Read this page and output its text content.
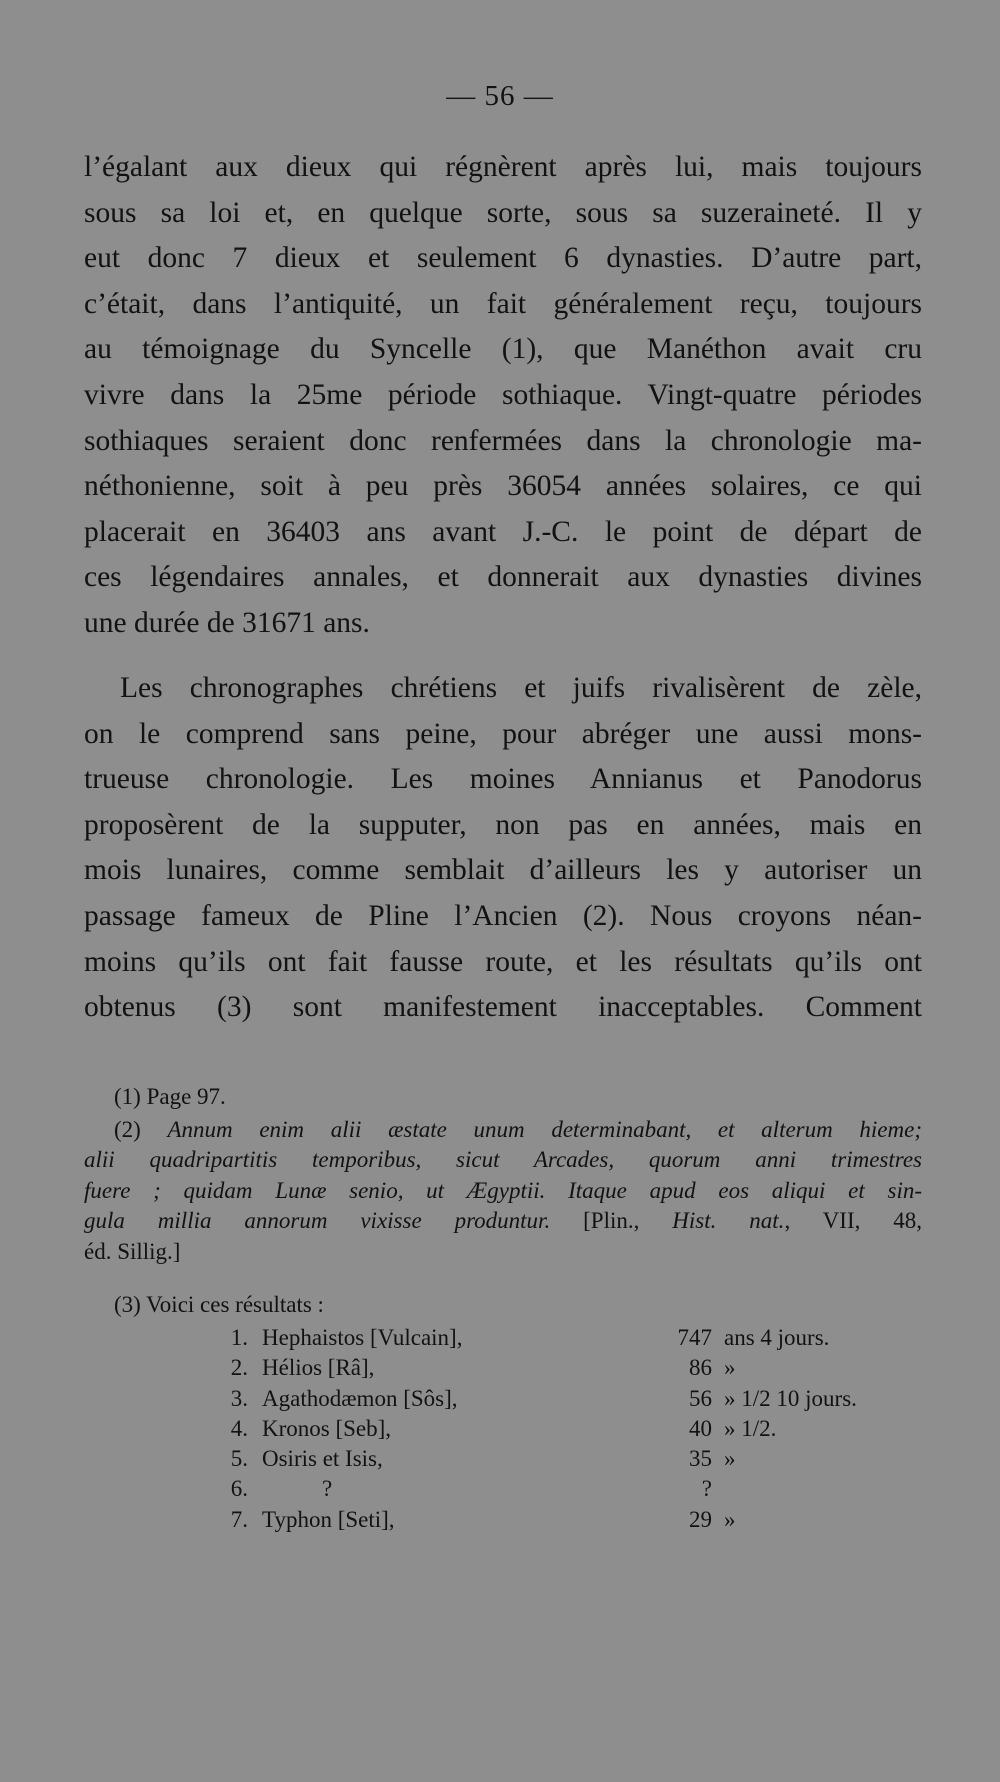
— 56 —
l’égalant aux dieux qui régnèrent après lui, mais toujours
sous sa loi et, en quelque sorte, sous sa suzeraineté. Il y
eut donc 7 dieux et seulement 6 dynasties. D’autre part,
c’était, dans l’antiquité, un fait généralement reçu, toujours
au témoignage du Syncelle (1), que Manéthon avait cru
vivre dans la 25me période sothiaque. Vingt-quatre périodes
sothiaques seraient donc renfermées dans la chronologie ma-
néthonienne, soit à peu près 36054 années solaires, ce qui
placerait en 36403 ans avant J.-C. le point de départ de
ces légendaires annales, et donnerait aux dynasties divines
une durée de 31671 ans.
Les chronographes chrétiens et juifs rivalisèrent de zèle,
on le comprend sans peine, pour abréger une aussi mons-
trueuse chronologie. Les moines Annianus et Panodorus
proposèrent de la supputer, non pas en années, mais en
mois lunaires, comme semblait d’ailleurs les y autoriser un
passage fameux de Pline l’Ancien (2). Nous croyons néan-
moins qu’ils ont fait fausse route, et les résultats qu’ils ont
obtenus (3) sont manifestement inacceptables. Comment
(1) Page 97.
(2) Annum enim alii æstate unum determinabant, et alterum hieme;
alii quadripartitis temporibus, sicut Arcades, quorum anni trimestres
fuere ; quidam Lunæ senio, ut Ægyptii. Itaque apud eos aliqui et sin-
gula millia annorum vixisse produntur. [Plin., Hist. nat., VII, 48,
éd. Sillig.]
(3) Voici ces résultats :
1. Hephaistos [Vulcain],	747 ans 4 jours.
2. Hélios [Râ],	86 »
3. Agathodæmon [Sôs],	56 » 1/2 10 jours.
4. Kronos [Seb],	40 » 1/2.
5. Osiris et Isis,	35 »
6.	?	?
7. Typhon [Seti],	29 »
